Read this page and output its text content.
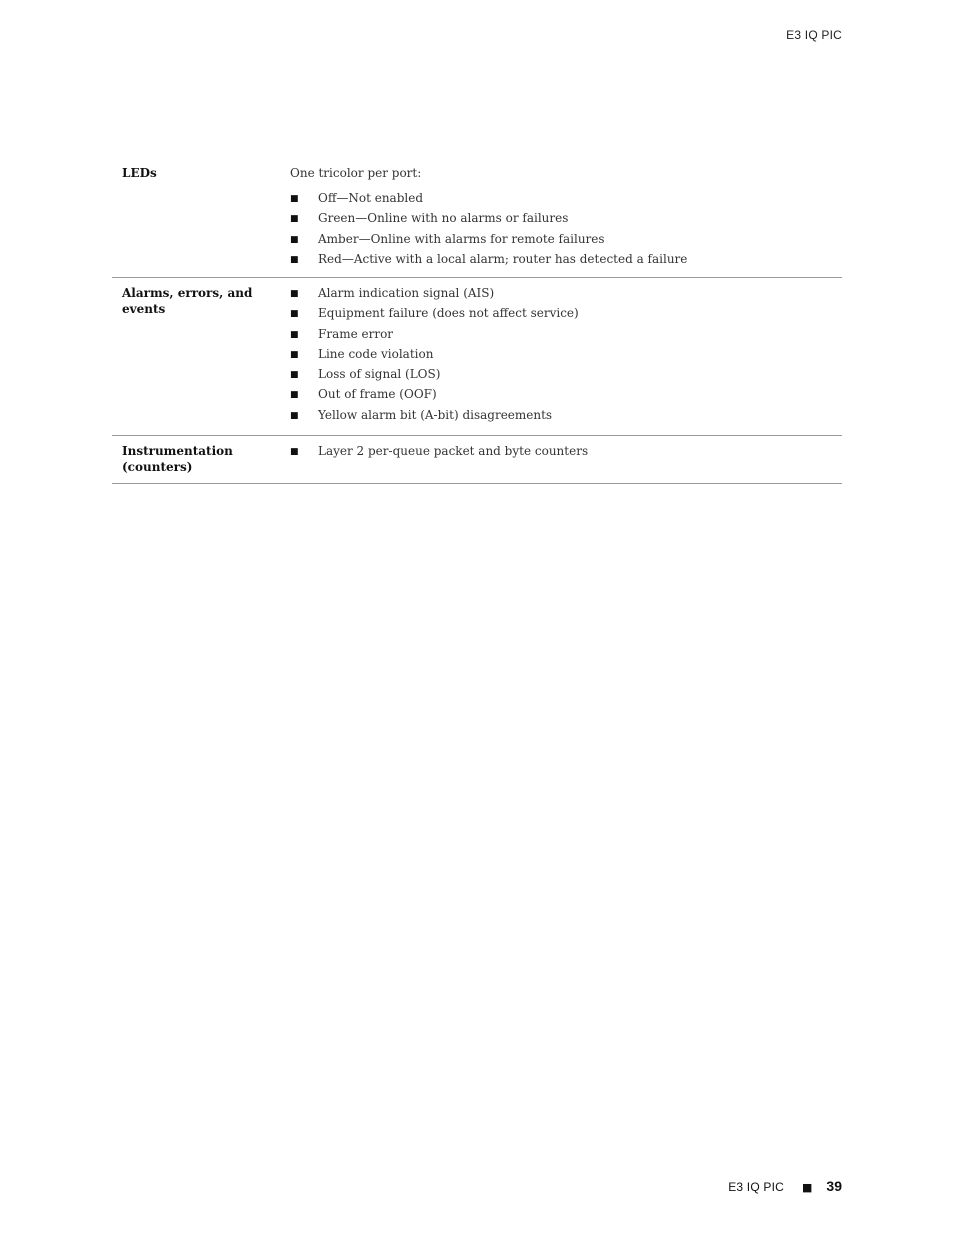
E3 IQ PIC
LEDs	One tricolor per port:
■	Off—Not enabled
■	Green—Online with no alarms or failures
■	Amber—Online with alarms for remote failures
■	Red—Active with a local alarm; router has detected a failure
Alarms, errors, and events
■	Alarm indication signal (AIS)
■	Equipment failure (does not affect service)
■	Frame error
■	Line code violation
■	Loss of signal (LOS)
■	Out of frame (OOF)
■	Yellow alarm bit (A-bit) disagreements
Instrumentation (counters)
■	Layer 2 per-queue packet and byte counters
E3 IQ PIC ■ 39
